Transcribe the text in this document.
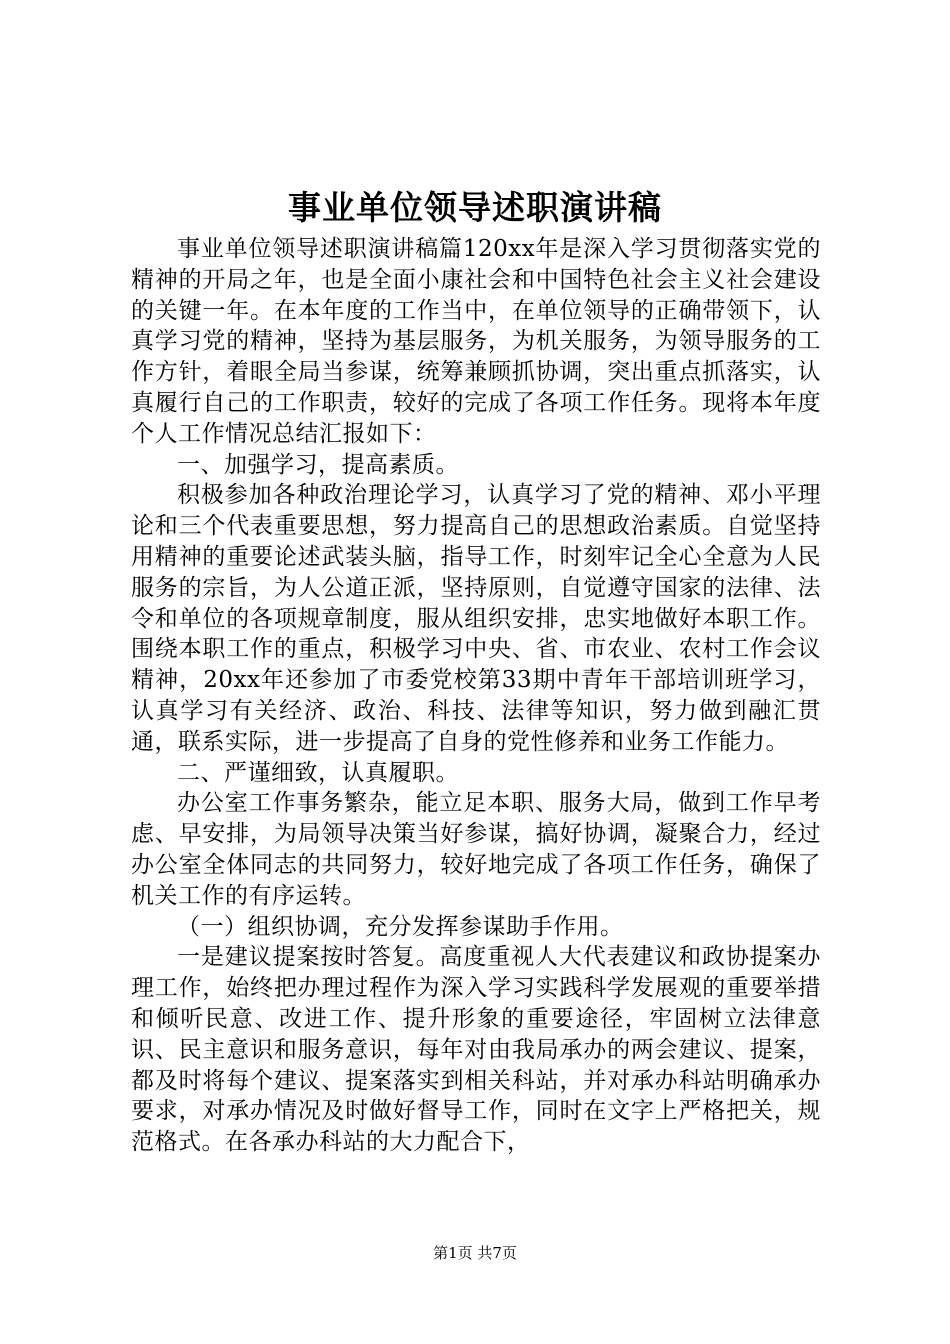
事业单位领导述职演讲稿

事业单位领导述职演讲稿篇120xx年是深入学习贯彻落实党的精神的开局之年，也是全面小康社会和中国特色社会主义社会建设的关键一年。在本年度的工作当中，在单位领导的正确带领下，认真学习党的精神，坚持为基层服务，为机关服务，为领导服务的工作方针，着眼全局当参谋，统筹兼顾抓协调，突出重点抓落实，认真履行自己的工作职责，较好的完成了各项工作任务。现将本年度个人工作情况总结汇报如下：

一、加强学习，提高素质。

积极参加各种政治理论学习，认真学习了党的精神、邓小平理论和三个代表重要思想，努力提高自己的思想政治素质。自觉坚持用精神的重要论述武装头脑，指导工作，时刻牢记全心全意为人民服务的宗旨，为人公道正派，坚持原则，自觉遵守国家的法律、法令和单位的各项规章制度，服从组织安排，忠实地做好本职工作。围绕本职工作的重点，积极学习中央、省、市农业、农村工作会议精神，20xx年还参加了市委党校第33期中青年干部培训班学习，认真学习有关经济、政治、科技、法律等知识，努力做到融汇贯通，联系实际，进一步提高了自身的党性修养和业务工作能力。

二、严谨细致，认真履职。

办公室工作事务繁杂，能立足本职、服务大局，做到工作早考虑、早安排，为局领导决策当好参谋，搞好协调，凝聚合力，经过办公室全体同志的共同努力，较好地完成了各项工作任务，确保了机关工作的有序运转。

（一）组织协调，充分发挥参谋助手作用。

一是建议提案按时答复。高度重视人大代表建议和政协提案办理工作，始终把办理过程作为深入学习实践科学发展观的重要举措和倾听民意、改进工作、提升形象的重要途径，牢固树立法律意识、民主意识和服务意识，每年对由我局承办的两会建议、提案，都及时将每个建议、提案落实到相关科站，并对承办科站明确承办要求，对承办情况及时做好督导工作，同时在文字上严格把关，规范格式。在各承办科站的大力配合下，

第1页 共7页
